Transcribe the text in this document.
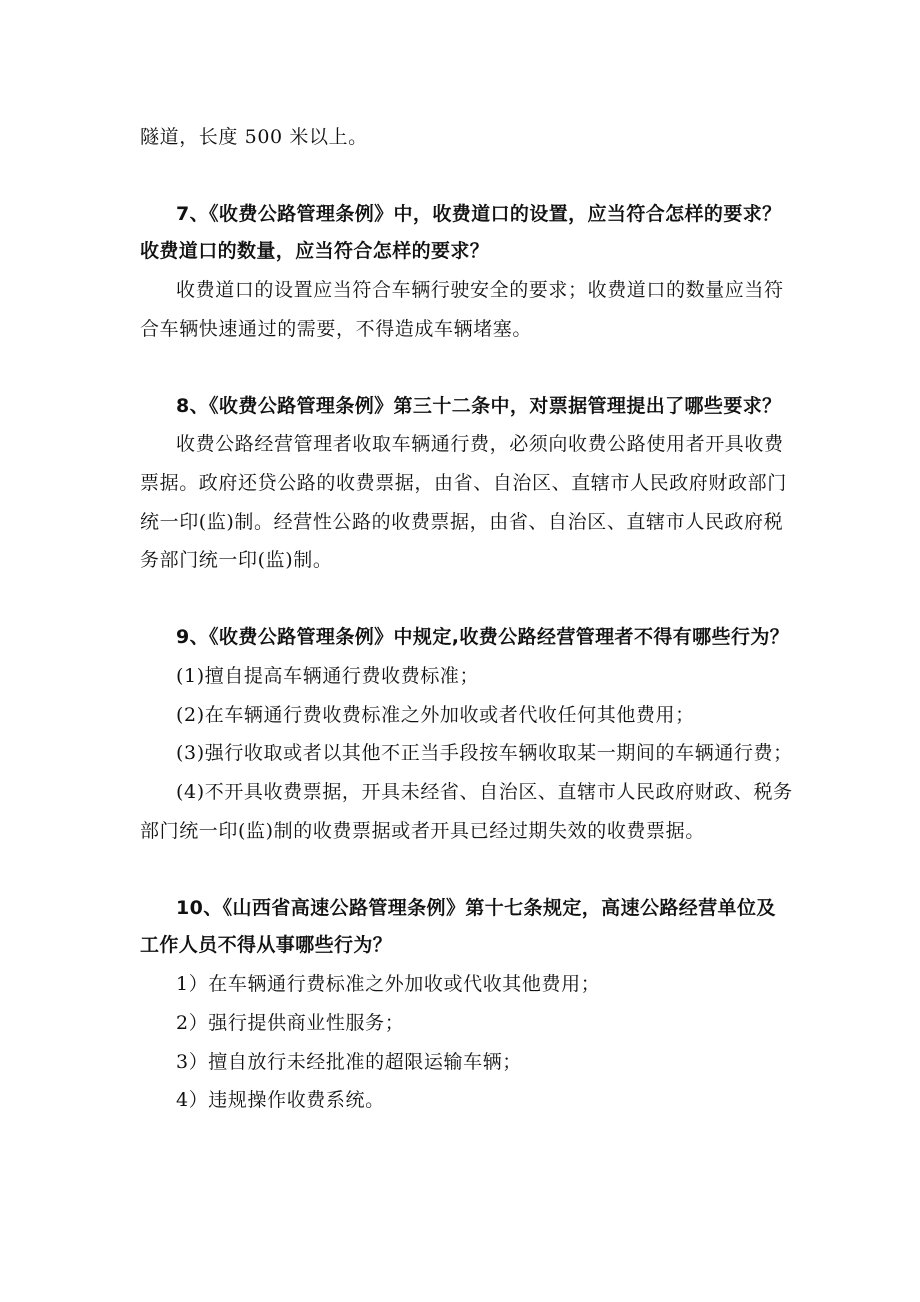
隧道，长度 500 米以上。
7、《收费公路管理条例》中，收费道口的设置，应当符合怎样的要求？
收费道口的数量，应当符合怎样的要求？
收费道口的设置应当符合车辆行驶安全的要求；收费道口的数量应当符
合车辆快速通过的需要，不得造成车辆堵塞。
8、《收费公路管理条例》第三十二条中，对票据管理提出了哪些要求？
收费公路经营管理者收取车辆通行费，必须向收费公路使用者开具收费
票据。政府还贷公路的收费票据，由省、自治区、直辖市人民政府财政部门
统一印(监)制。经营性公路的收费票据，由省、自治区、直辖市人民政府税
务部门统一印(监)制。
9、《收费公路管理条例》中规定,收费公路经营管理者不得有哪些行为？
(1)擅自提高车辆通行费收费标准；
(2)在车辆通行费收费标准之外加收或者代收任何其他费用；
(3)强行收取或者以其他不正当手段按车辆收取某一期间的车辆通行费；
(4)不开具收费票据，开具未经省、自治区、直辖市人民政府财政、税务
部门统一印(监)制的收费票据或者开具已经过期失效的收费票据。
10、《山西省高速公路管理条例》第十七条规定，高速公路经营单位及
工作人员不得从事哪些行为？
1）在车辆通行费标准之外加收或代收其他费用；
2）强行提供商业性服务；
3）擅自放行未经批准的超限运输车辆；
4）违规操作收费系统。
